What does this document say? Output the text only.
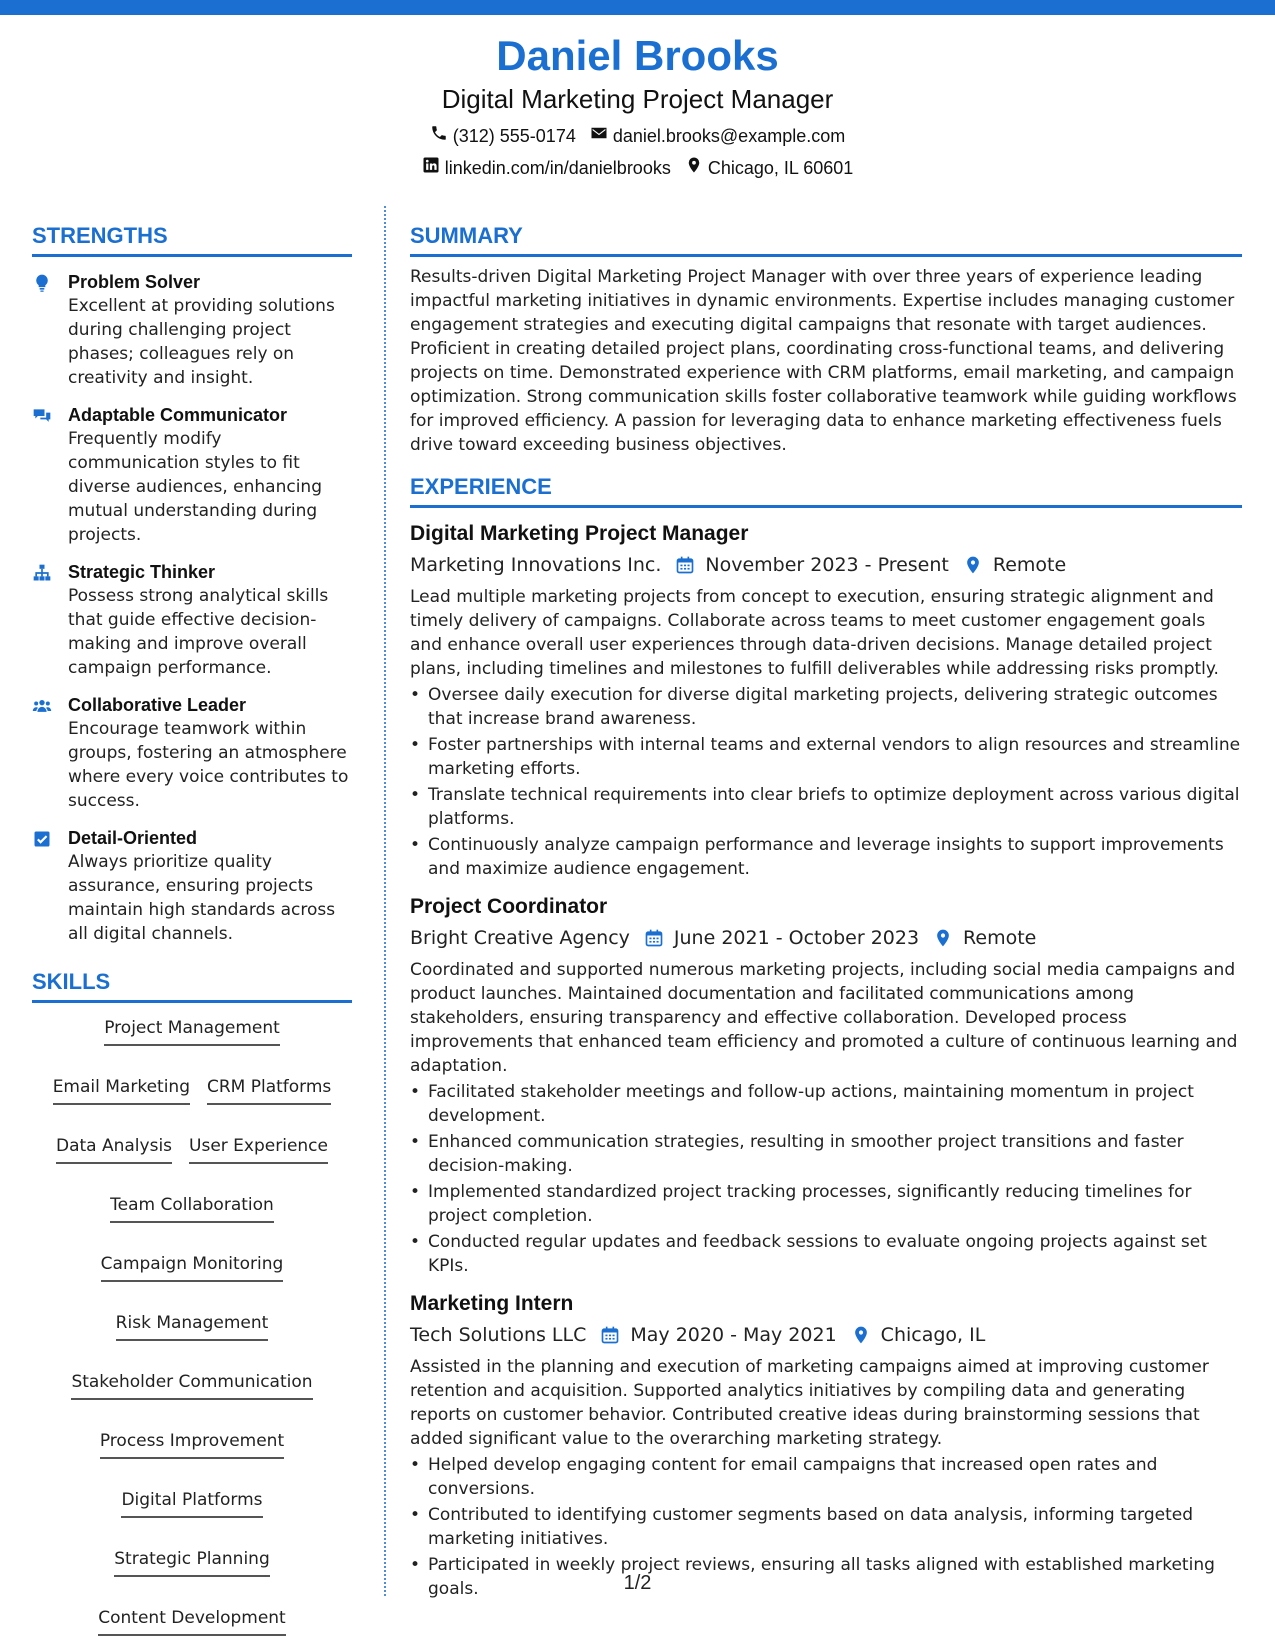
Daniel Brooks
Digital Marketing Project Manager
(312) 555-0174 daniel.brooks@example.com
linkedin.com/in/danielbrooks Chicago, IL 60601
STRENGTHS
Problem Solver
Excellent at providing solutions during challenging project phases; colleagues rely on creativity and insight.
Adaptable Communicator
Frequently modify communication styles to fit diverse audiences, enhancing mutual understanding during projects.
Strategic Thinker
Possess strong analytical skills that guide effective decision-making and improve overall campaign performance.
Collaborative Leader
Encourage teamwork within groups, fostering an atmosphere where every voice contributes to success.
Detail-Oriented
Always prioritize quality assurance, ensuring projects maintain high standards across all digital channels.
SKILLS
Project Management
Email Marketing CRM Platforms
Data Analysis User Experience
Team Collaboration
Campaign Monitoring
Risk Management
Stakeholder Communication
Process Improvement
Digital Platforms
Strategic Planning
Content Development
SUMMARY
Results-driven Digital Marketing Project Manager with over three years of experience leading impactful marketing initiatives in dynamic environments. Expertise includes managing customer engagement strategies and executing digital campaigns that resonate with target audiences. Proficient in creating detailed project plans, coordinating cross-functional teams, and delivering projects on time. Demonstrated experience with CRM platforms, email marketing, and campaign optimization. Strong communication skills foster collaborative teamwork while guiding workflows for improved efficiency. A passion for leveraging data to enhance marketing effectiveness fuels drive toward exceeding business objectives.
EXPERIENCE
Digital Marketing Project Manager
Marketing Innovations Inc. November 2023 - Present Remote
Lead multiple marketing projects from concept to execution, ensuring strategic alignment and timely delivery of campaigns. Collaborate across teams to meet customer engagement goals and enhance overall user experiences through data-driven decisions. Manage detailed project plans, including timelines and milestones to fulfill deliverables while addressing risks promptly.
• Oversee daily execution for diverse digital marketing projects, delivering strategic outcomes that increase brand awareness.
• Foster partnerships with internal teams and external vendors to align resources and streamline marketing efforts.
• Translate technical requirements into clear briefs to optimize deployment across various digital platforms.
• Continuously analyze campaign performance and leverage insights to support improvements and maximize audience engagement.
Project Coordinator
Bright Creative Agency June 2021 - October 2023 Remote
Coordinated and supported numerous marketing projects, including social media campaigns and product launches. Maintained documentation and facilitated communications among stakeholders, ensuring transparency and effective collaboration. Developed process improvements that enhanced team efficiency and promoted a culture of continuous learning and adaptation.
• Facilitated stakeholder meetings and follow-up actions, maintaining momentum in project development.
• Enhanced communication strategies, resulting in smoother project transitions and faster decision-making.
• Implemented standardized project tracking processes, significantly reducing timelines for project completion.
• Conducted regular updates and feedback sessions to evaluate ongoing projects against set KPIs.
Marketing Intern
Tech Solutions LLC May 2020 - May 2021 Chicago, IL
Assisted in the planning and execution of marketing campaigns aimed at improving customer retention and acquisition. Supported analytics initiatives by compiling data and generating reports on customer behavior. Contributed creative ideas during brainstorming sessions that added significant value to the overarching marketing strategy.
• Helped develop engaging content for email campaigns that increased open rates and conversions.
• Contributed to identifying customer segments based on data analysis, informing targeted marketing initiatives.
• Participated in weekly project reviews, ensuring all tasks aligned with established marketing goals.	1/2
